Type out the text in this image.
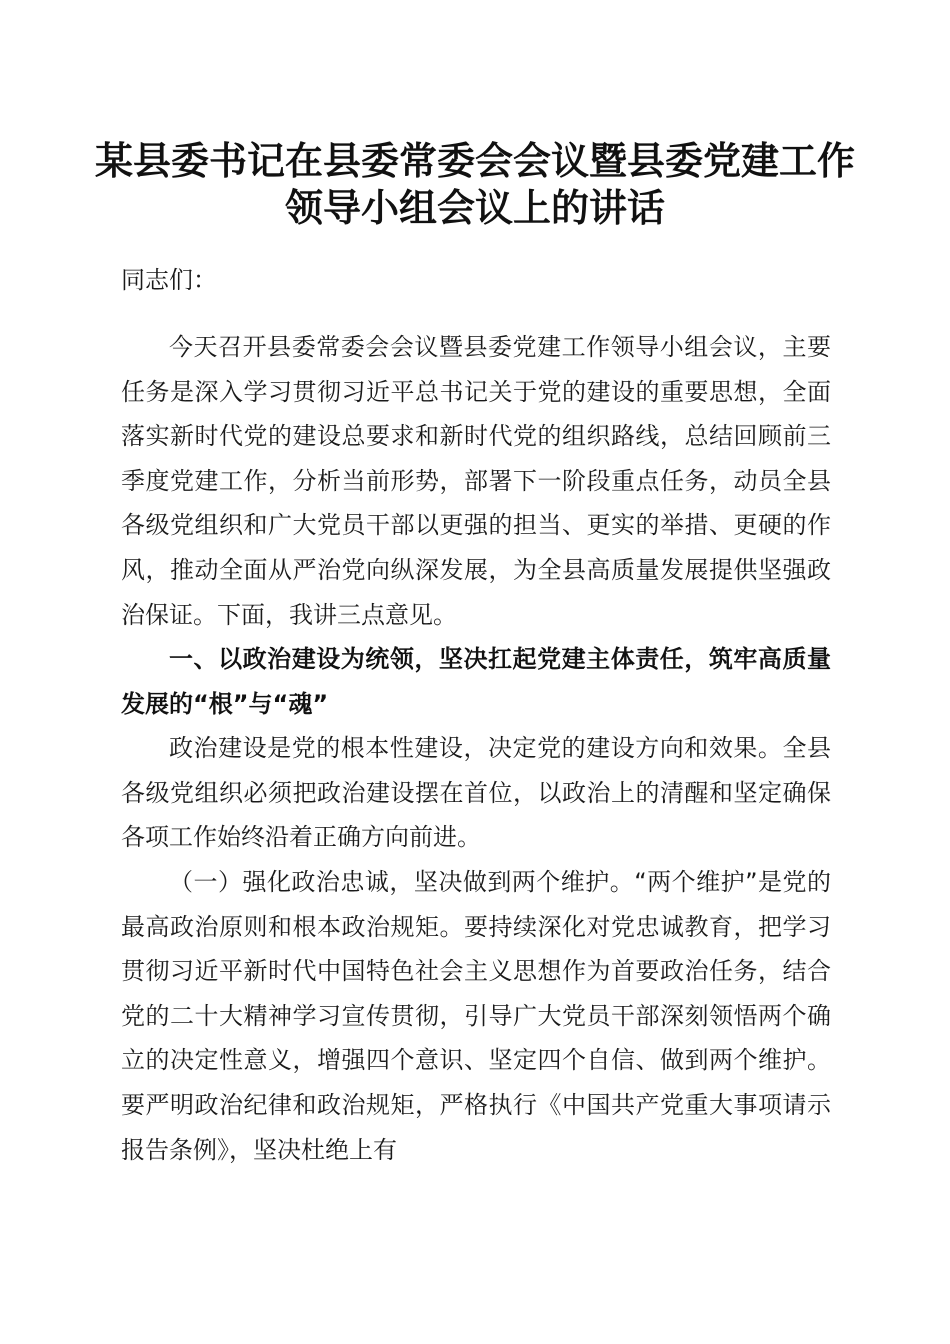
某县委书记在县委常委会会议暨县委党建工作
领导小组会议上的讲话

同志们：

今天召开县委常委会会议暨县委党建工作领导小组会议，主要任务是深入学习贯彻习近平总书记关于党的建设的重要思想，全面落实新时代党的建设总要求和新时代党的组织路线，总结回顾前三季度党建工作，分析当前形势，部署下一阶段重点任务，动员全县各级党组织和广大党员干部以更强的担当、更实的举措、更硬的作风，推动全面从严治党向纵深发展，为全县高质量发展提供坚强政治保证。下面，我讲三点意见。

一、以政治建设为统领，坚决扛起党建主体责任，筑牢高质量发展的“根”与“魂”

政治建设是党的根本性建设，决定党的建设方向和效果。全县各级党组织必须把政治建设摆在首位，以政治上的清醒和坚定确保各项工作始终沿着正确方向前进。

（一）强化政治忠诚，坚决做到两个维护。“两个维护”是党的最高政治原则和根本政治规矩。要持续深化对党忠诚教育，把学习贯彻习近平新时代中国特色社会主义思想作为首要政治任务，结合党的二十大精神学习宣传贯彻，引导广大党员干部深刻领悟两个确立的决定性意义，增强四个意识、坚定四个自信、做到两个维护。要严明政治纪律和政治规矩，严格执行《中国共产党重大事项请示报告条例》，坚决杜绝上有
